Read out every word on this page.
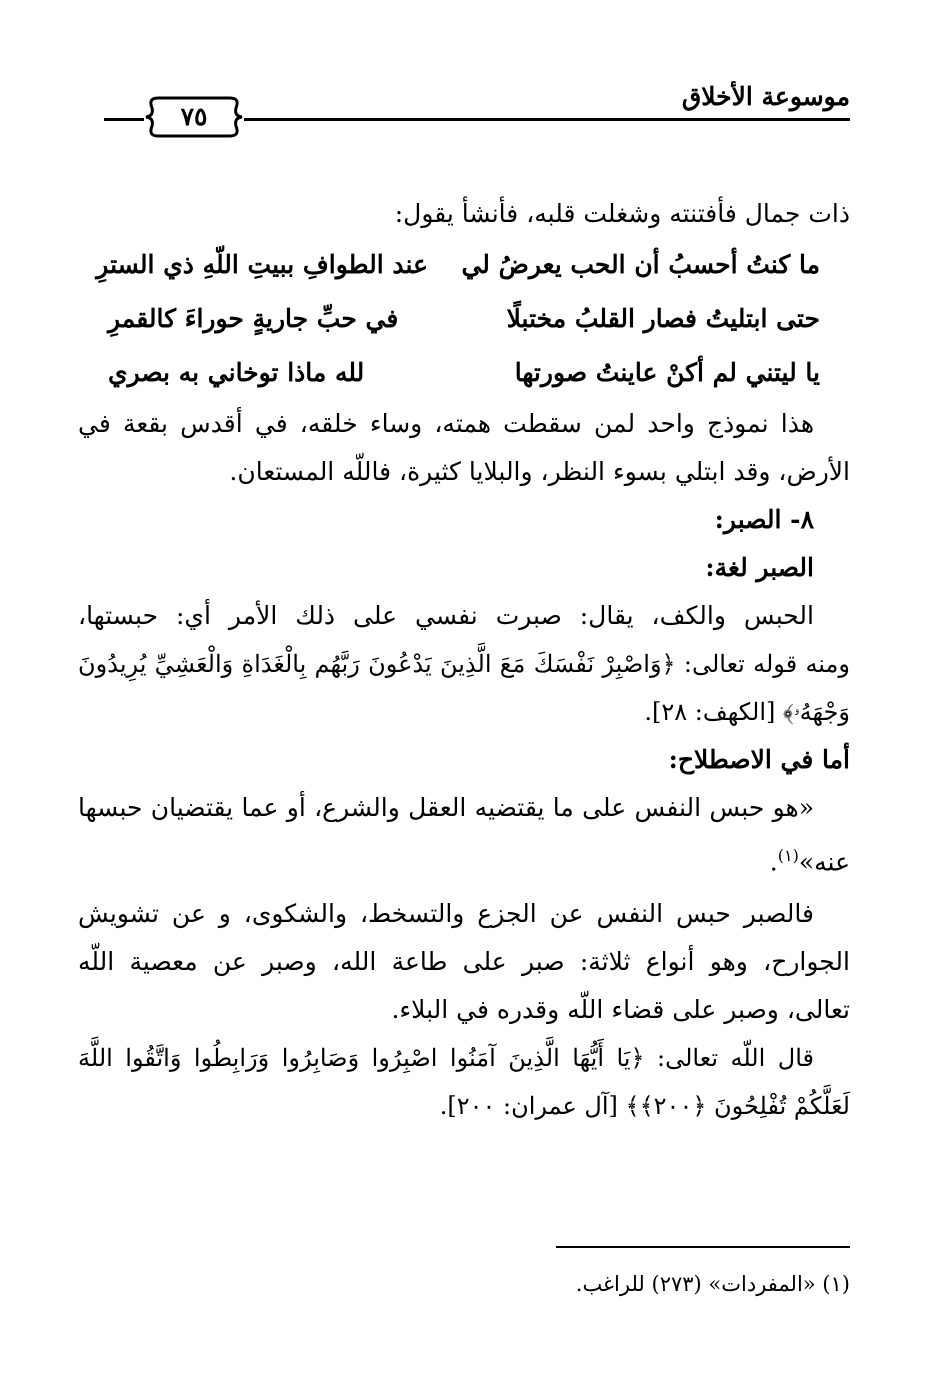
موسوعة الأخلاق
٧٥
ذات جمال فأفتنته وشغلت قلبه، فأنشأ يقول:
ما كنتُ أحسبُ أن الحب يعرضُ لي
عند الطوافِ ببيتِ اللّهِ ذي السترِ
حتى ابتليتُ فصار القلبُ مختبلًا
في حبِّ جاريةٍ حوراءَ كالقمرِ
يا ليتني لم أكنْ عاينتُ صورتها
لله ماذا توخاني به بصري
هذا نموذج واحد لمن سقطت همته، وساء خلقه، في أقدس بقعة في
الأرض، وقد ابتلي بسوء النظر، والبلايا كثيرة، فاللّه المستعان.
٨- الصبر:
الصبر لغة:
الحبس والكف، يقال: صبرت نفسي على ذلك الأمر أي: حبستها،
ومنه قوله تعالى: ﴿وَاصْبِرْ نَفْسَكَ مَعَ الَّذِينَ يَدْعُونَ رَبَّهُم بِالْغَدَاةِ وَالْعَشِيِّ يُرِيدُونَ
وَجْهَهُۥ﴾ [الكهف: ٢٨].
أما في الاصطلاح:
«هو حبس النفس على ما يقتضيه العقل والشرع، أو عما يقتضيان حبسها
عنه»$^{(١)}$.
فالصبر حبس النفس عن الجزع والتسخط، والشكوى، و عن تشويش
الجوارح، وهو أنواع ثلاثة: صبر على طاعة الله، وصبر عن معصية اللّه
تعالى، وصبر على قضاء اللّه وقدره في البلاء.
قال اللّه تعالى: ﴿يَا أَيُّهَا الَّذِينَ آمَنُوا اصْبِرُوا وَصَابِرُوا وَرَابِطُوا وَاتَّقُوا اللَّهَ
لَعَلَّكُمْ تُفْلِحُونَ ﴿٢٠٠﴾﴾ [آل عمران: ٢٠٠].
(١) «المفردات» (٢٧٣) للراغب.
